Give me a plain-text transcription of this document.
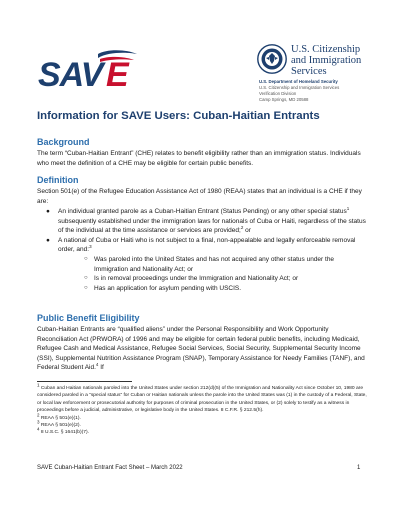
SAV E
U.S. Citizenship
and Immigration
Services
U.S. Department of Homeland Security
U.S. Citizenship and Immigration Services
Verification Division
Camp Springs, MD 20588
Information for SAVE Users: Cuban-Haitian Entrants
Background

The term “Cuban-Haitian Entrant” (CHE) relates to benefit eligibility rather than an immigration status. Individuals who meet the definition of a CHE may be eligible for certain public benefits.

Definition

Section 501(e) of the Refugee Education Assistance Act of 1980 (REAA) states that an individual is a CHE if they are:

● An individual granted parole as a Cuban-Haitian Entrant (Status Pending) or any other special status$^1$ subsequently established under the immigration laws for nationals of Cuba or Haiti, regardless of the status of the individual at the time assistance or services are provided;$^2$ or
● A national of Cuba or Haiti who is not subject to a final, non-appealable and legally enforceable removal order, and:$^3$
○ Was paroled into the United States and has not acquired any other status under the Immigration and Nationality Act; or
○ Is in removal proceedings under the Immigration and Nationality Act; or
○ Has an application for asylum pending with USCIS.
Public Benefit Eligibility

Cuban-Haitian Entrants are “qualified aliens” under the Personal Responsibility and Work Opportunity Reconciliation Act (PRWORA) of 1996 and may be eligible for certain federal public benefits, including Medicaid, Refugee Cash and Medical Assistance, Refugee Social Services, Social Security, Supplemental Security Income (SSI), Supplemental Nutrition Assistance Program (SNAP), Temporary Assistance for Needy Families (TANF), and Federal Student Aid.$^4$ If

$^1$ Cuban and Haitian nationals paroled into the United States under section 212(d)(5) of the Immigration and Nationality Act since October 10, 1980 are considered paroled in a “special status” for Cuban or Haitian nationals unless the parole into the United States was (1) in the custody of a Federal, State, or local law enforcement or prosecutorial authority for purposes of criminal prosecution in the United States, or (2) solely to testify as a witness in proceedings before a judicial, administrative, or legislative body in the United States. 8 C.F.R. § 212.5(h).
$^2$ REAA § 501(e)(1).
$^3$ REAA § 501(e)(2).
$^4$ 8 U.S.C. § 1641(b)(7).
SAVE Cuban-Haitian Entrant Fact Sheet – March 2022	1
